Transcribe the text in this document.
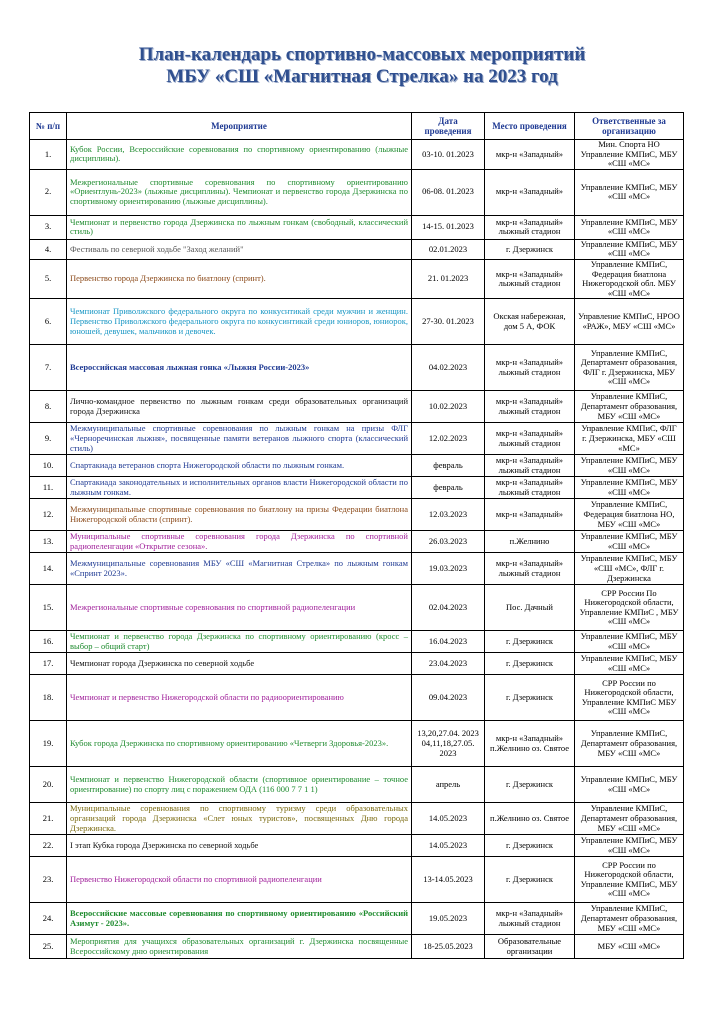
План-календарь спортивно-массовых мероприятий
МБУ «СШ «Магнитная Стрелка» на 2023 год
№ п/п	Мероприятие	Дата проведения	Место проведения	Ответственные за организацию
1.	Кубок России, Всероссийские соревнования по спортивному ориентированию (лыжные дисциплины).	03-10. 01.2023	мкр-н «Западный»	Мин. Спорта НО Управление КМПиС, МБУ «СШ «МС»
2.	Межрегиональные спортивные соревнования по спортивному ориентированию «Ориентлунь-2023» (лыжные дисциплины). Чемпионат и первенство города Дзержинска по спортивному ориентированию (лыжные дисциплины).	06-08. 01.2023	мкр-н «Западный»	Управление КМПиС, МБУ «СШ «МС»
3.	Чемпионат и первенство города Дзержинска по лыжным гонкам (свободный, классический стиль)	14-15. 01.2023	мкр-н «Западный» лыжный стадион	Управление КМПиС, МБУ «СШ «МС»
4.	Фестиваль по северной ходьбе "Заход желаний"	02.01.2023	г. Дзержинск	Управление КМПиС, МБУ «СШ «МС»
5.	Первенство города Дзержинска по биатлону (спринт).	21. 01.2023	мкр-н «Западный» лыжный стадион	Управление КМПиС, Федерация биатлона Нижегородской обл. МБУ «СШ «МС»
6.	Чемпионат Приволжского федерального округа по конкуснтикай среди мужчин и женщин. Первенство Приволжского федерального округа по конкусинтикай среди юниоров, юниорок, юношей, девушек, мальчиков и девочек.	27-30. 01.2023	Окская набережная, дом 5 А, ФОК	Управление КМПиС, НРОО «РАЖ», МБУ «СШ «МС»
7.	Всероссийская массовая лыжная гонка «Лыжня России-2023»	04.02.2023	мкр-н «Западный» лыжный стадион	Управление КМПиС, Департамент образования, ФЛГ г. Дзержинска, МБУ «СШ «МС»
8.	Лично-командное первенство по лыжным гонкам среди образовательных организаций города Дзержинска	10.02.2023	мкр-н «Западный» лыжный стадион	Управление КМПиС, Департамент образования, МБУ «СШ «МС»
9.	Межмуниципальные спортивные соревнования по лыжным гонкам на призы ФЛГ «Черноречинская лыжня», посвященные памяти ветеранов лыжного спорта (классический стиль)	12.02.2023	мкр-н «Западный» лыжный стадион	Управление КМПиС, ФЛГ г. Дзержинска, МБУ «СШ «МС»
10.	Спартакиада ветеранов спорта Нижегородской области по лыжным гонкам.	февраль	мкр-н «Западный» лыжный стадион	Управление КМПиС, МБУ «СШ «МС»
11.	Спартакиада законодательных и исполнительных органов власти Нижегородской области по лыжным гонкам.	февраль	мкр-н «Западный» лыжный стадион	Управление КМПиС, МБУ «СШ «МС»
12.	Межмуниципальные спортивные соревнования по биатлону на призы Федерации биатлона Нижегородской области (спринт).	12.03.2023	мкр-н «Западный»	Управление КМПиС, Федерация биатлона НО, МБУ «СШ «МС»
13.	Муниципальные спортивные соревнования города Дзержинска по спортивной радиопеленгации «Открытие сезона».	26.03.2023	п.Желнино	Управление КМПиС, МБУ «СШ «МС»
14.	Межмуниципальные соревнования МБУ «СШ «Магнитная Стрелка» по лыжным гонкам «Спринт 2023».	19.03.2023	мкр-н «Западный» лыжный стадион	Управление КМПиС, МБУ «СШ «МС», ФЛГ г. Дзержинска
15.	Межрегиональные спортивные соревнования по спортивной радиопеленгации	02.04.2023	Пос. Дачный	СРР России По Нижегородской области, Управление КМПиС , МБУ «СШ «МС»
16.	Чемпионат и первенство города Дзержинска по спортивному ориентированию (кросс – выбор – общий старт)	16.04.2023	г. Дзержинск	Управление КМПиС, МБУ «СШ «МС»
17.	Чемпионат города Дзержинска по северной ходьбе	23.04.2023	г. Дзержинск	Управление КМПиС, МБУ «СШ «МС»
18.	Чемпионат и первенство Нижегородской области по радиоориентированию	09.04.2023	г. Дзержинск	СРР России по Нижегородской области, Управление КМПиС МБУ «СШ «МС»
19.	Кубок города Дзержинска по спортивному ориентированию «Четверги Здоровья-2023».	13,20,27.04. 2023 04,11,18,27.05. 2023	мкр-н «Западный» п.Желнино оз. Святое	Управление КМПиС, Департамент образования, МБУ «СШ «МС»
20.	Чемпионат и первенство Нижегородской области (спортивное ориентирование – точное ориентирование) по спорту лиц с поражением ОДА (116 000 7 7 1 1)	апрель	г. Дзержинск	Управление КМПиС, МБУ «СШ «МС»
21.	Муниципальные соревнования по спортивному туризму среди образовательных организаций города Дзержинска «Слет юных туристов», посвященных Дню города Дзержинска.	14.05.2023	п.Желнино оз. Святое	Управление КМПиС, Департамент образования, МБУ «СШ «МС»
22.	I этап Кубка города Дзержинска по северной ходьбе	14.05.2023	г. Дзержинск	Управление КМПиС, МБУ «СШ «МС»
23.	Первенство Нижегородской области по спортивной радиопеленгации	13-14.05.2023	г. Дзержинск	СРР России по Нижегородской области, Управление КМПиС, МБУ «СШ «МС»
24.	Всероссийские массовые соревнования по спортивному ориентированию «Российский Азимут - 2023».	19.05.2023	мкр-н «Западный» лыжный стадион	Управление КМПиС, Департамент образования, МБУ «СШ «МС»
25.	Мероприятия для учащихся образовательных организаций г. Дзержинска посвященные Всероссийскому дню ориентирования	18-25.05.2023	Образовательные организации	МБУ «СШ «МС»
